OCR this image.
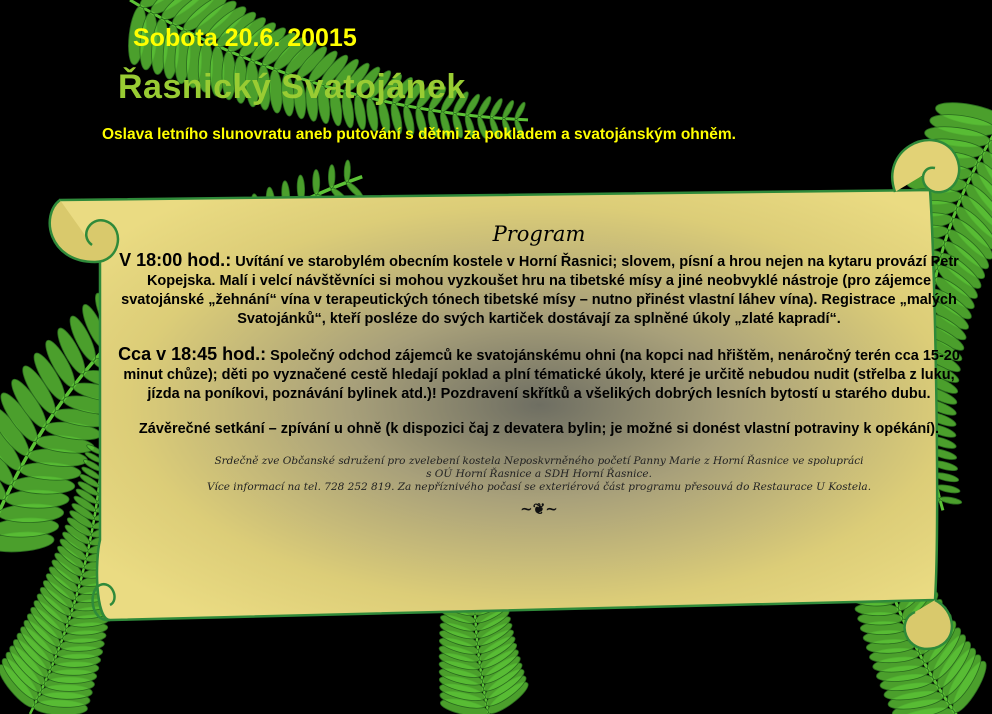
Sobota 20.6. 20015
Řasnický Svatojánek
Oslava letního slunovratu aneb putování s dětmi za pokladem a svatojánským ohněm.
Program

V 18:00 hod.: Uvítání ve starobylém obecním kostele v Horní Řasnici; slovem, písní a hrou nejen na kytaru provází Petr Kopejska. Malí i velcí návštěvníci si mohou vyzkoušet hru na tibetské mísy a jiné neobvyklé nástroje (pro zájemce svatojánské „žehnání“ vína v terapeutických tónech tibetské mísy – nutno přinést vlastní láhev vína). Registrace „malých Svatojánků“, kteří posléze do svých kartiček dostávají za splněné úkoly „zlaté kapradí“.

Cca v 18:45 hod.: Společný odchod zájemců ke svatojánskému ohni (na kopci nad hřištěm, nenáročný terén cca 15-20 minut chůze); děti po vyznačené cestě hledají poklad a plní tématické úkoly, které je určitě nebudou nudit (střelba z luku, jízda na poníkovi, poznávání bylinek atd.)! Pozdravení skřítků a všelikých dobrých lesních bytostí u starého dubu.

Závěrečné setkání – zpívání u ohně (k dispozici čaj z devatera bylin; je možné si donést vlastní potraviny k opékání).

Srdečně zve Občanské sdružení pro zvelebení kostela Neposkvrněného početí Panny Marie z Horní Řasnice ve spolupráci
s OÚ Horní Řasnice a SDH Horní Řasnice.

Více informací na tel. 728 252 819. Za nepříznivého počasí se exteriérová část programu přesouvá do Restaurace U Kostela.

~❦~
